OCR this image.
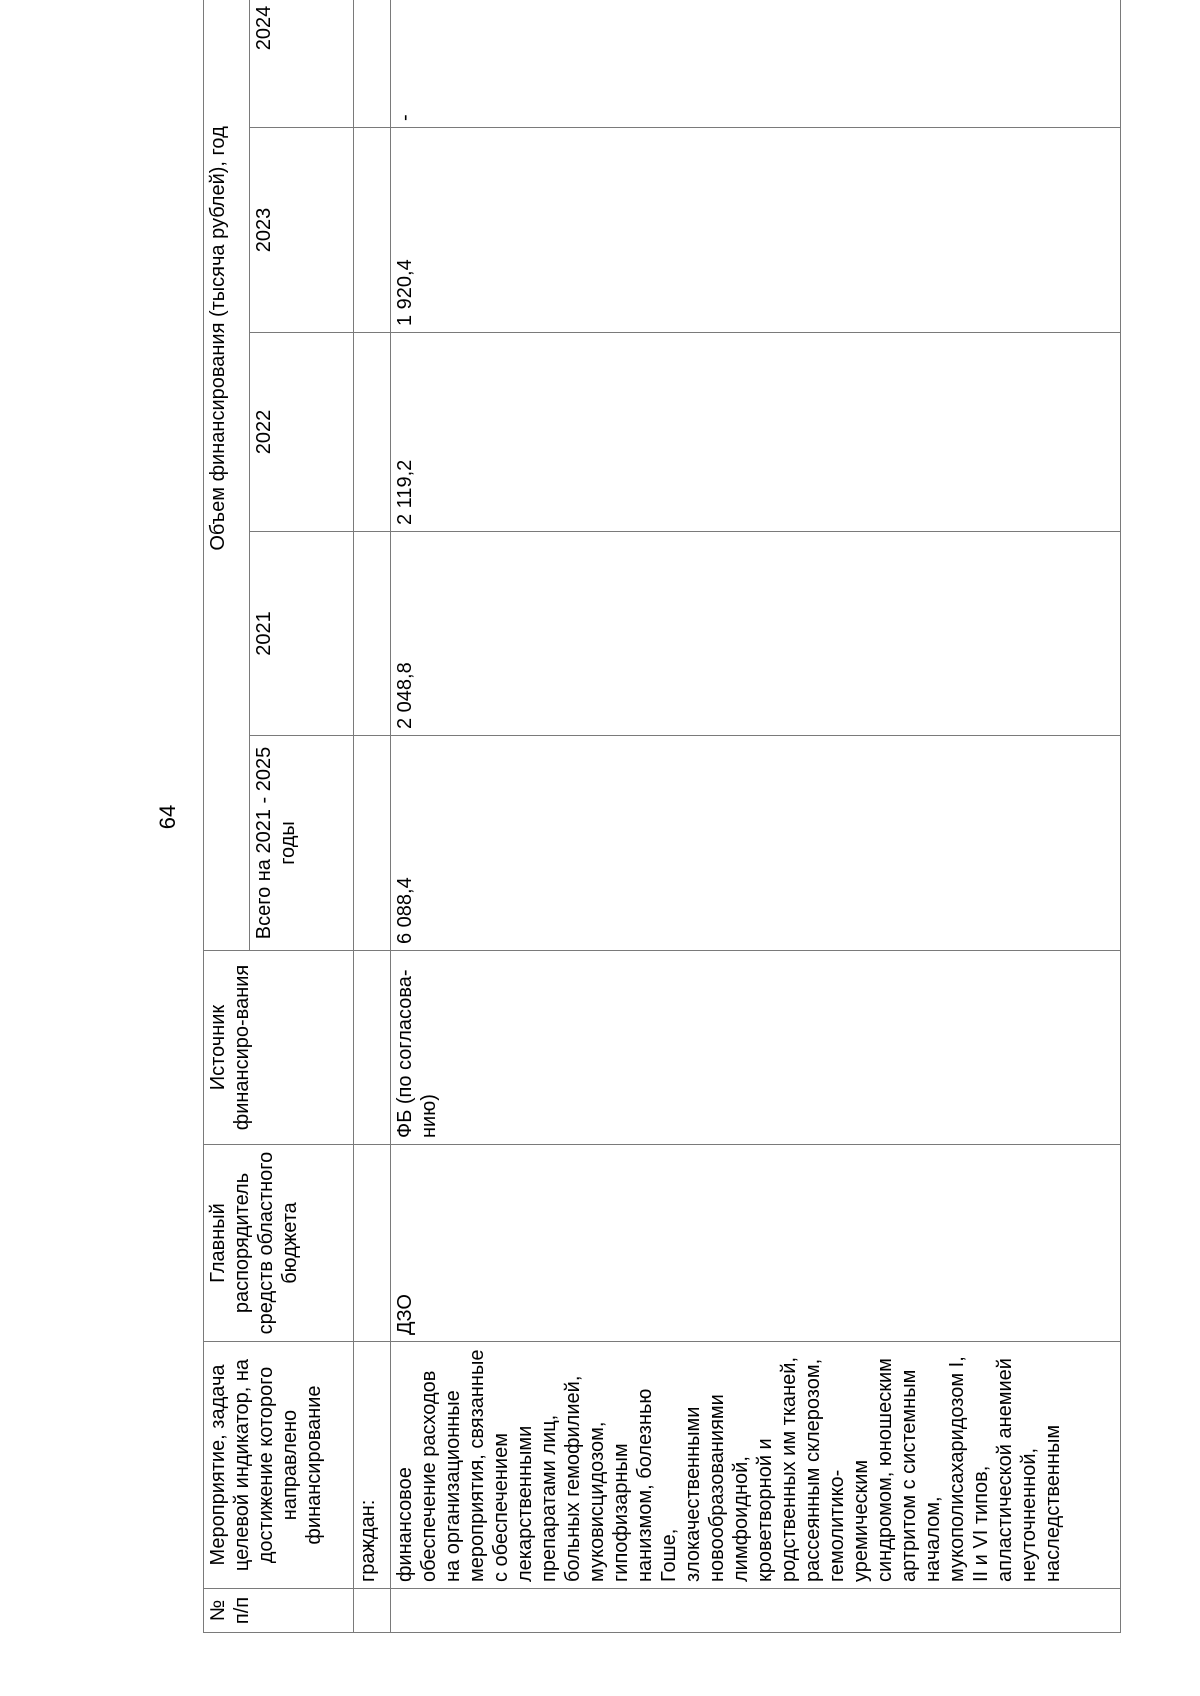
64
№ п/п	Мероприятие, задача целевой индикатор, на достижение которого направлено финансирование	Главный распорядитель средств областного бюджета	Источник финансиро-вания	Объем финансирования (тысяча рублей), год					
				Всего на 2021 - 2025 годы	2021	2022	2023	2024	
	граждан:								

	финансовое обеспечение расходов на организационные мероприятия, связанные с обеспечением лекарственными препаратами лиц, больных гемофилией, муковисцидозом, гипофизарным нанизмом, болезнью Гоше, злокачественными новообразованиями лимфоидной, кроветворной и родственных им тканей, рассеянным склерозом, гемолитико-уремическим синдромом, юношеским артритом с системным началом, мукополисахаридозом I, II и VI типов, апластической анемией неуточненной, наследственным	ДЗО	ФБ (по согласова-нию)	6 088,4	2 048,8	2 119,2	1 920,4	-	
